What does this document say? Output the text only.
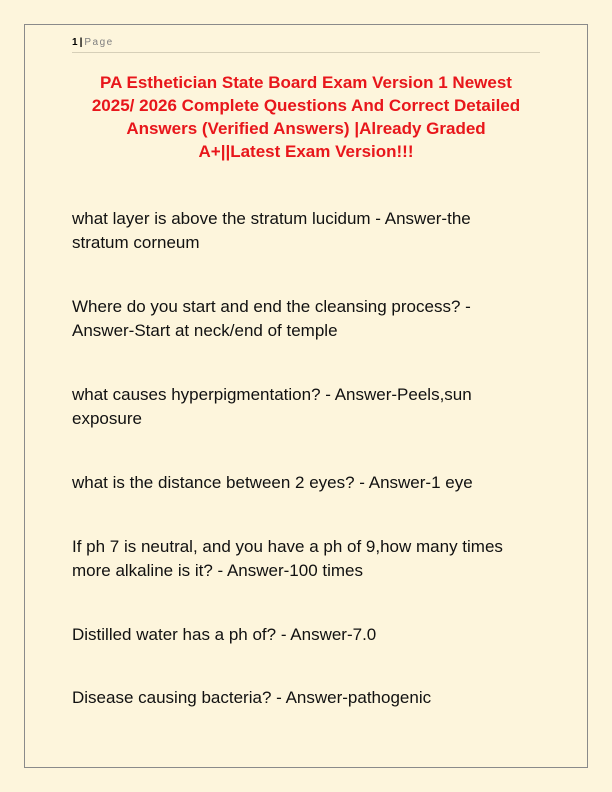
1 | Page
PA Esthetician State Board Exam Version 1 Newest
2025/ 2026 Complete Questions And Correct Detailed
Answers (Verified Answers) |Already Graded
A+||Latest Exam Version!!!
what layer is above the stratum lucidum - Answer-the
stratum corneum
Where do you start and end the cleansing process? -
Answer-Start at neck/end of temple
what causes hyperpigmentation? - Answer-Peels,sun
exposure
what is the distance between 2 eyes? - Answer-1 eye
If ph 7 is neutral, and you have a ph of 9,how many times
more alkaline is it? - Answer-100 times
Distilled water has a ph of? - Answer-7.0
Disease causing bacteria? - Answer-pathogenic
